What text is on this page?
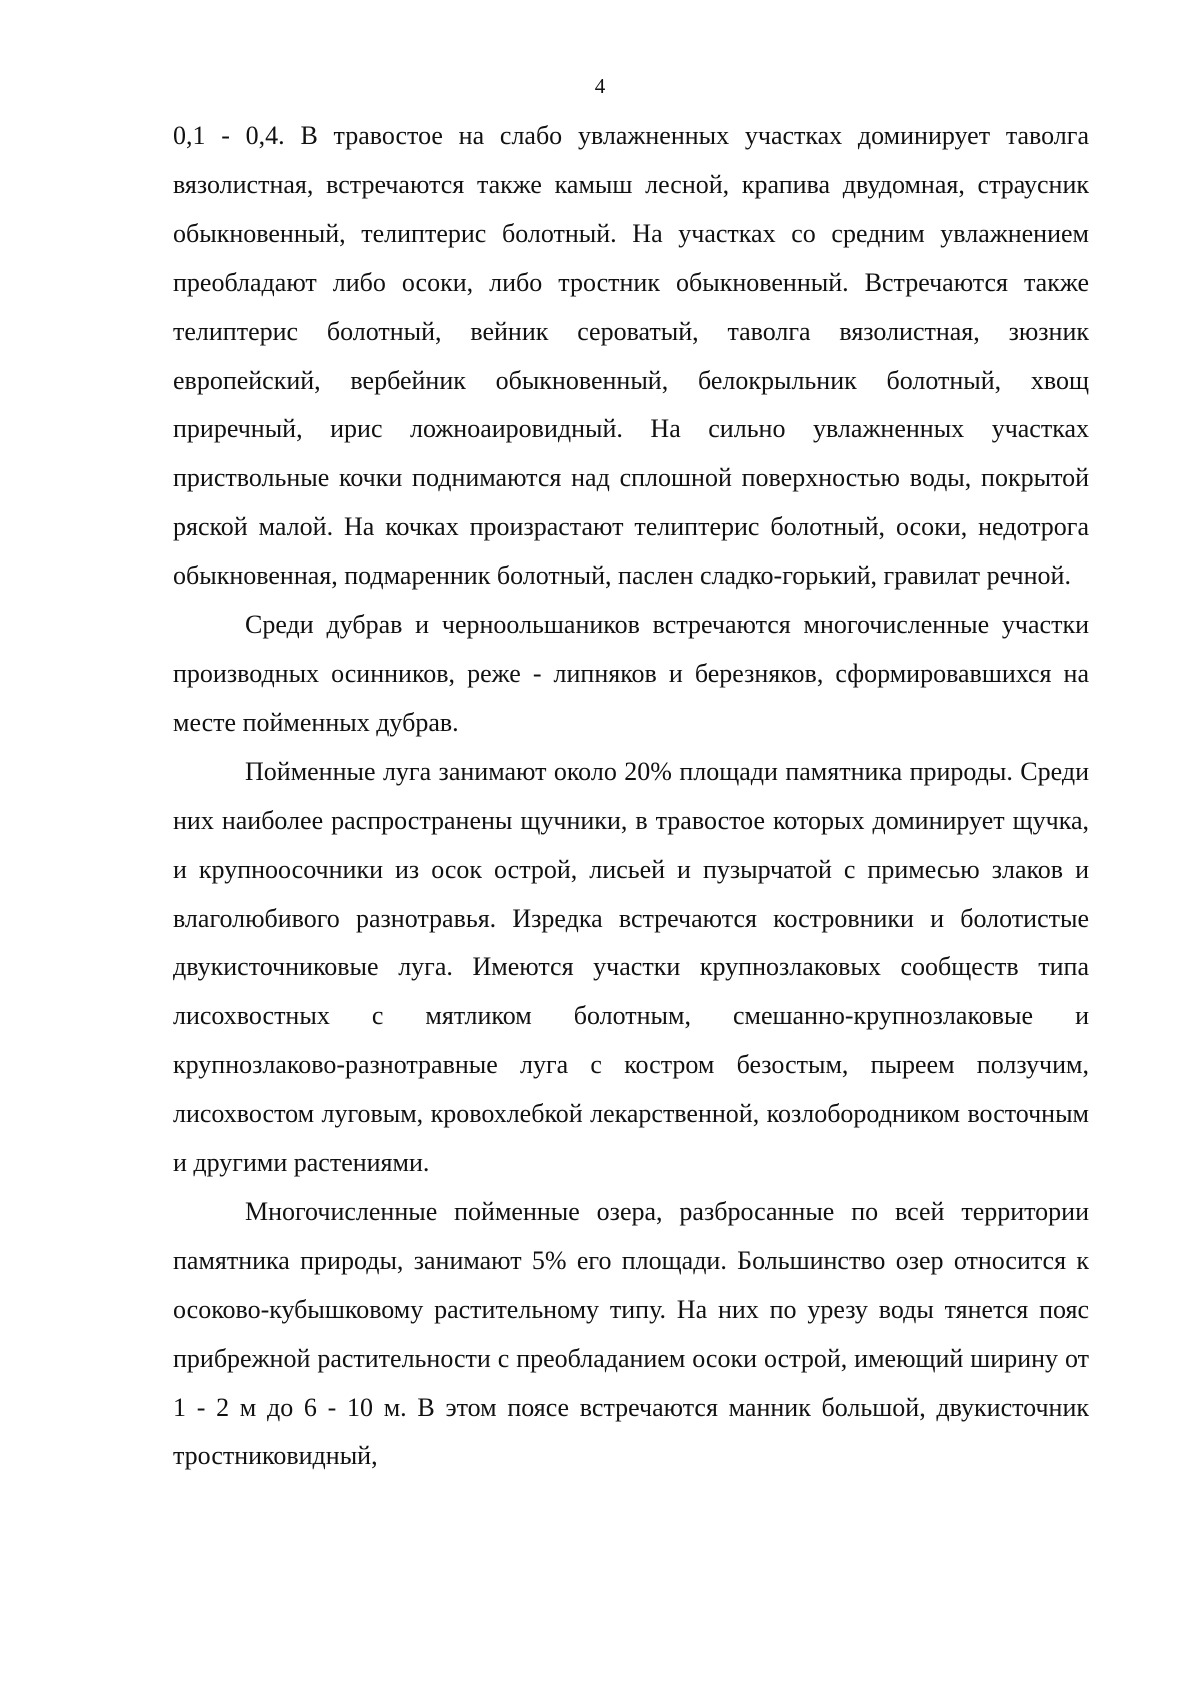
4

0,1 - 0,4. В травостое на слабо увлажненных участках доминирует таволга вязолистная, встречаются также камыш лесной, крапива двудомная, страусник обыкновенный, телиптерис болотный. На участках со средним увлажнением преобладают либо осоки, либо тростник обыкновенный. Встречаются также телиптерис болотный, вейник сероватый, таволга вязолистная, зюзник европейский, вербейник обыкновенный, белокрыльник болотный, хвощ приречный, ирис ложноаировидный. На сильно увлажненных участках приствольные кочки поднимаются над сплошной поверхностью воды, покрытой ряской малой. На кочках произрастают телиптерис болотный, осоки, недотрога обыкновенная, подмаренник болотный, паслен сладко-горький, гравилат речной.

Среди дубрав и черноольшаников встречаются многочисленные участки производных осинников, реже - липняков и березняков, сформировавшихся на месте пойменных дубрав.

Пойменные луга занимают около 20% площади памятника природы. Среди них наиболее распространены щучники, в травостое которых доминирует щучка, и крупноосочники из осок острой, лисьей и пузырчатой с примесью злаков и влаголюбивого разнотравья. Изредка встречаются костровники и болотистые двукисточниковые луга. Имеются участки крупнозлаковых сообществ типа лисохвостных с мятликом болотным, смешанно-крупнозлаковые и крупнозлаково-разнотравные луга с костром безостым, пыреем ползучим, лисохвостом луговым, кровохлебкой лекарственной, козлобородником восточным и другими растениями.

Многочисленные пойменные озера, разбросанные по всей территории памятника природы, занимают 5% его площади. Большинство озер относится к осоково-кубышковому растительному типу. На них по урезу воды тянется пояс прибрежной растительности с преобладанием осоки острой, имеющий ширину от 1 - 2 м до 6 - 10 м. В этом поясе встречаются манник большой, двукисточник тростниковидный,
